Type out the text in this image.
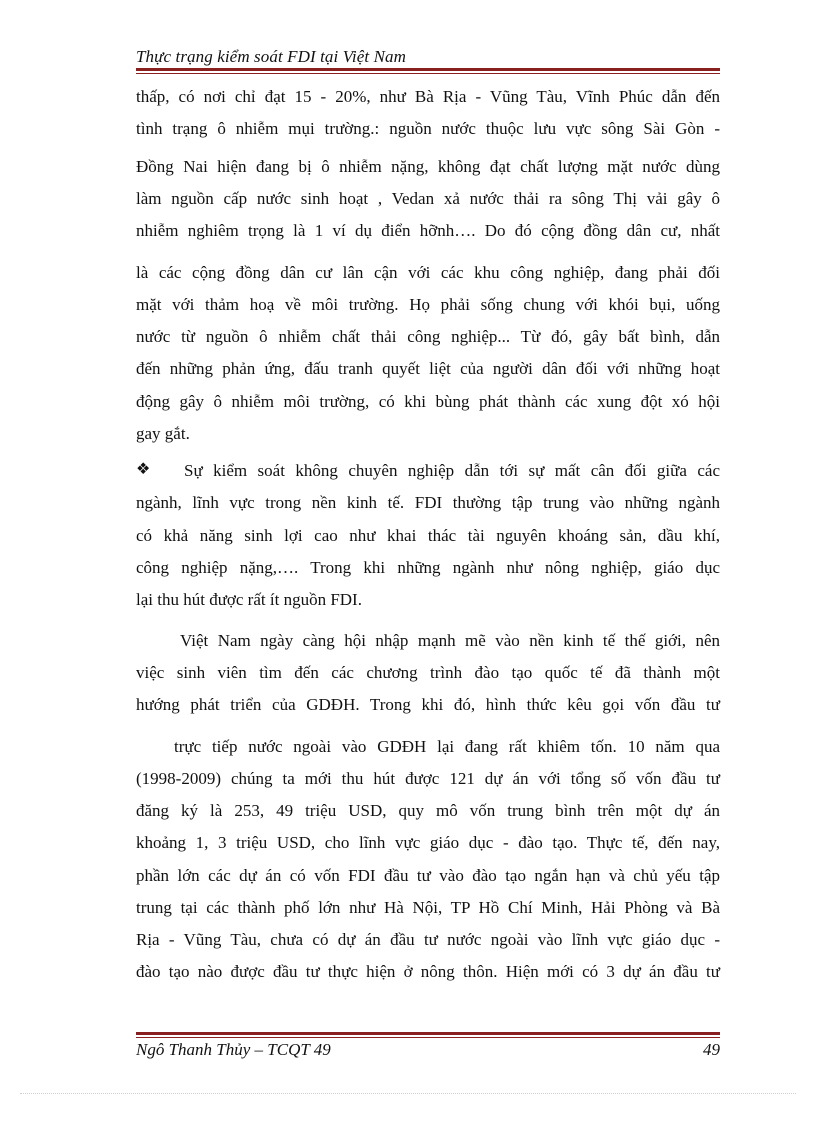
Thực trạng kiểm soát FDI tại Việt Nam
thấp, có nơi chỉ đạt 15 - 20%, như Bà Rịa - Vũng Tàu, Vĩnh Phúc dẫn đến
tình trạng ô nhiễm mụi trường.: nguồn nước thuộc lưu vực sông Sài Gòn -
Đồng Nai hiện đang bị ô nhiễm nặng, không đạt chất lượng mặt nước dùng
làm nguồn cấp nước sinh hoạt , Vedan xả nước thải ra sông Thị vải gây ô
nhiễm nghiêm trọng là 1 ví dụ điển hỡnh…. Do đó cộng đồng dân cư, nhất
là các cộng đồng dân cư lân cận với các khu công nghiệp, đang phải đối
mặt với thảm hoạ về môi trường. Họ phải sống chung với khói bụi, uống
nước từ nguồn ô nhiễm chất thải công nghiệp... Từ đó, gây bất bình, dẫn
đến những phản ứng, đấu tranh quyết liệt của người dân đối với những hoạt
động gây ô nhiễm môi trường, có khi bùng phát thành các xung đột xó hội
gay gắt.
❖ Sự kiểm soát không chuyên nghiệp dẫn tới sự mất cân đối giữa các
ngành, lĩnh vực trong nền kinh tế. FDI thường tập trung vào những ngành
có khả năng sinh lợi cao như khai thác tài nguyên khoáng sản, dầu khí,
công nghiệp nặng,…. Trong khi những ngành như nông nghiệp, giáo dục
lại thu hút được rất ít nguồn FDI.
Việt Nam ngày càng hội nhập mạnh mẽ vào nền kinh tế thế giới, nên
việc sinh viên tìm đến các chương trình đào tạo quốc tế đã thành một
hướng phát triển của GDĐH. Trong khi đó, hình thức kêu gọi vốn đầu tư
trực tiếp nước ngoài vào GDĐH lại đang rất khiêm tốn. 10 năm qua
(1998-2009) chúng ta mới thu hút được 121 dự án với tổng số vốn đầu tư
đăng ký là 253, 49 triệu USD, quy mô vốn trung bình trên một dự án
khoảng 1, 3 triệu USD, cho lĩnh vực giáo dục - đào tạo. Thực tế, đến nay,
phần lớn các dự án có vốn FDI đầu tư vào đào tạo ngắn hạn và chủ yếu tập
trung tại các thành phố lớn như Hà Nội, TP Hồ Chí Minh, Hải Phòng và Bà
Rịa - Vũng Tàu, chưa có dự án đầu tư nước ngoài vào lĩnh vực giáo dục -
đào tạo nào được đầu tư thực hiện ở nông thôn. Hiện mới có 3 dự án đầu tư
Ngô Thanh Thủy – TCQT 49	49
